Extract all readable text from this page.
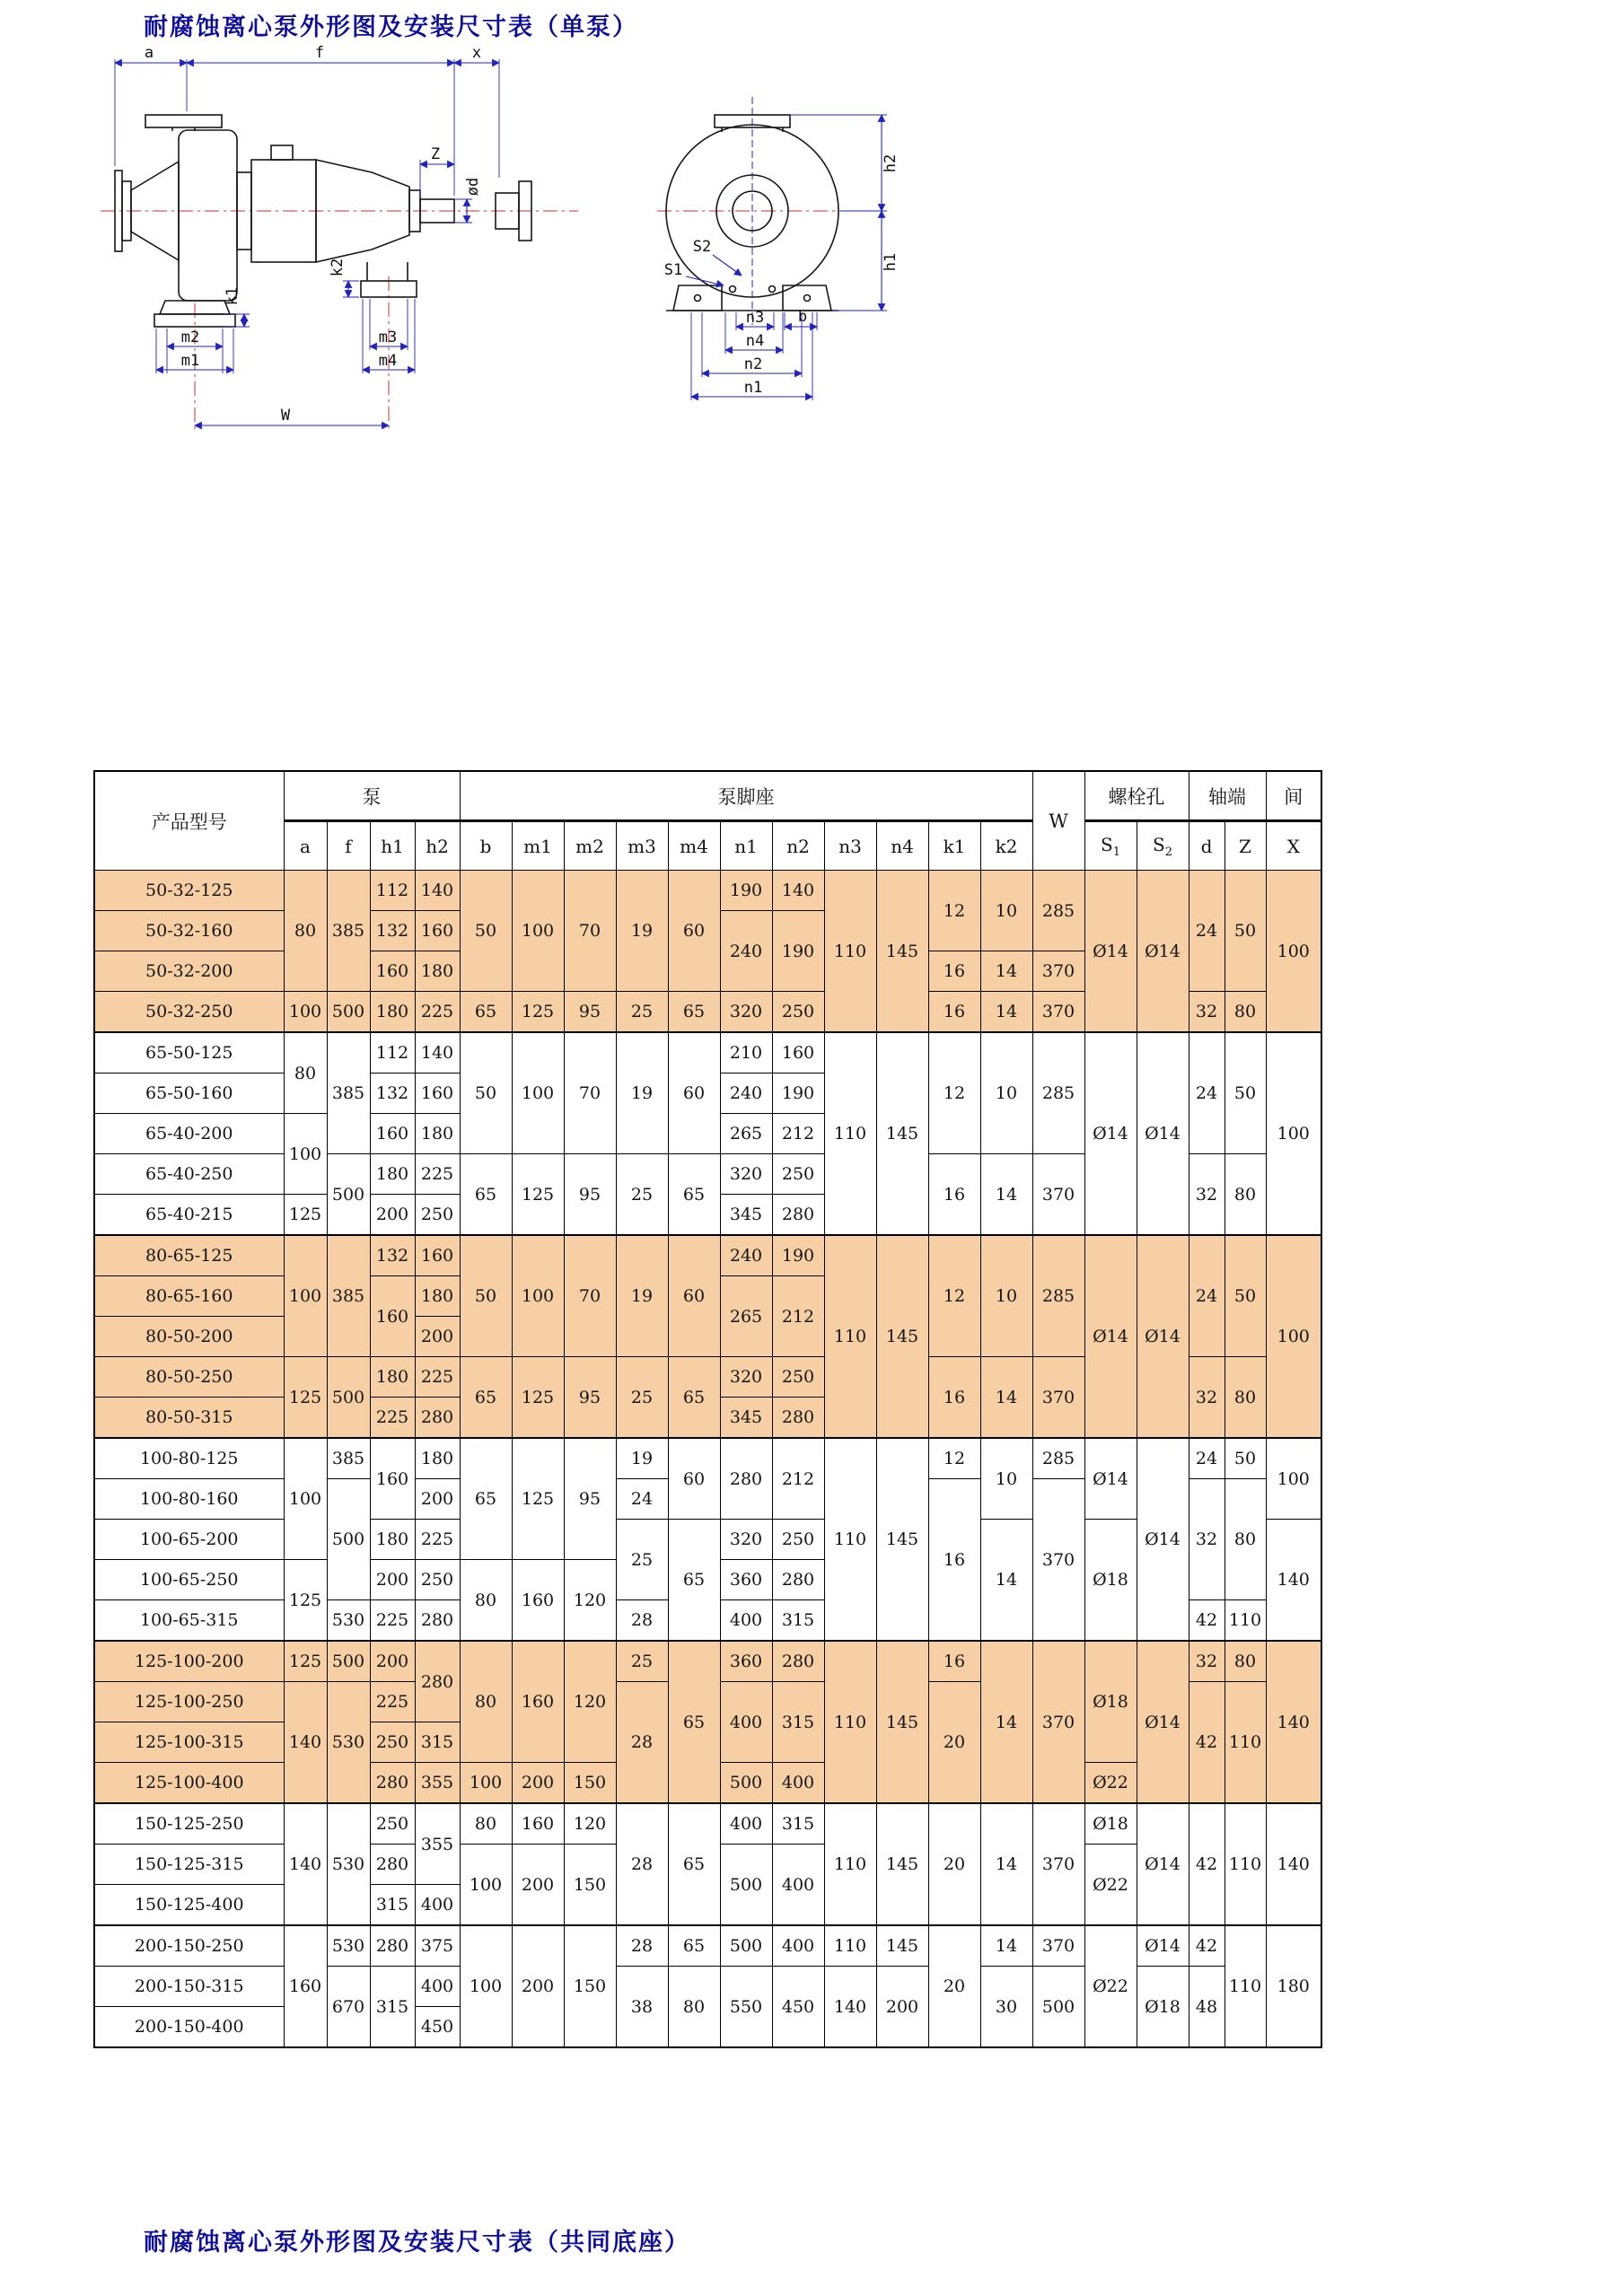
耐腐蚀离心泵外形图及安装尺寸表（单泵）
a	f	x
Z
ød
k1
k2
m2
m1
m3
m4
W
h2
h1
S2
S1
n3 b
n4
n2
n1
产品型号	泵				泵脚座											W	螺栓孔		轴端		间
	a	f	h1	h2	b	m1	m2	m3	m4	n1	n2	n3	n4	k1	k2		$S_1$	$S_2$	d	Z	X
50-32-125	80	385	112	140	50	100	70	19	60	190	140	110	145	12	10	285	Ø14	Ø14	24	50	100
50-32-160			132	160						240	190										
50-32-200			160	180										16	14	370					
50-32-250	100	500	180	225	65	125	95	25	65	320	250			16	14	370			32	80	
65-50-125	80	385	112	140	50	100	70	19	60	210	160	110	145	12	10	285	Ø14	Ø14	24	50	100
65-50-160			132	160						240	190										
65-40-200	100		160	180						265	212										
65-40-250		500	180	225	65	125	95	25	65	320	250			16	14	370			32	80	
65-40-215	125		200	250						345	280										
80-65-125	100	385	132	160	50	100	70	19	60	240	190	110	145	12	10	285	Ø14	Ø14	24	50	100
80-65-160			160	180						265	212										
80-50-200				200																	
80-50-250	125	500	180	225	65	125	95	25	65	320	250			16	14	370			32	80	
80-50-315			225	280						345	280										
100-80-125	100	385	160	180	65	125	95	19	60	280	212	110	145	12	10	285	Ø14	Ø14	24	50	100
100-80-160		500		200				24						16		370			32	80	
100-65-200			180	225				25	65	320	250				14		Ø18				140
100-65-250	125		200	250	80	160	120			360	280										
100-65-315		530	225	280				28		400	315								42	110	
125-100-200	125	500	200	280	80	160	120	25	65	360	280	110	145	16	14	370	Ø18	Ø14	32	80	140
125-100-250	140	530	225					28		400	315			20					42	110	
125-100-315			250	315																	
125-100-400			280	355	100	200	150			500	400						Ø22				
150-125-250	140	530	250	355	80	160	120	28	65	400	315	110	145	20	14	370	Ø18	Ø14	42	110	140
150-125-315			280		100	200	150			500	400						Ø22				
150-125-400			315	400																	
200-150-250	160	530	280	375	100	200	150	28	65	500	400	110	145	20	14	370	Ø22	Ø14	42	110	180
200-150-315		670	315	400				38	80	550	450	140	200		30	500		Ø18	48		
200-150-400				450																	
耐腐蚀离心泵外形图及安装尺寸表（共同底座）
